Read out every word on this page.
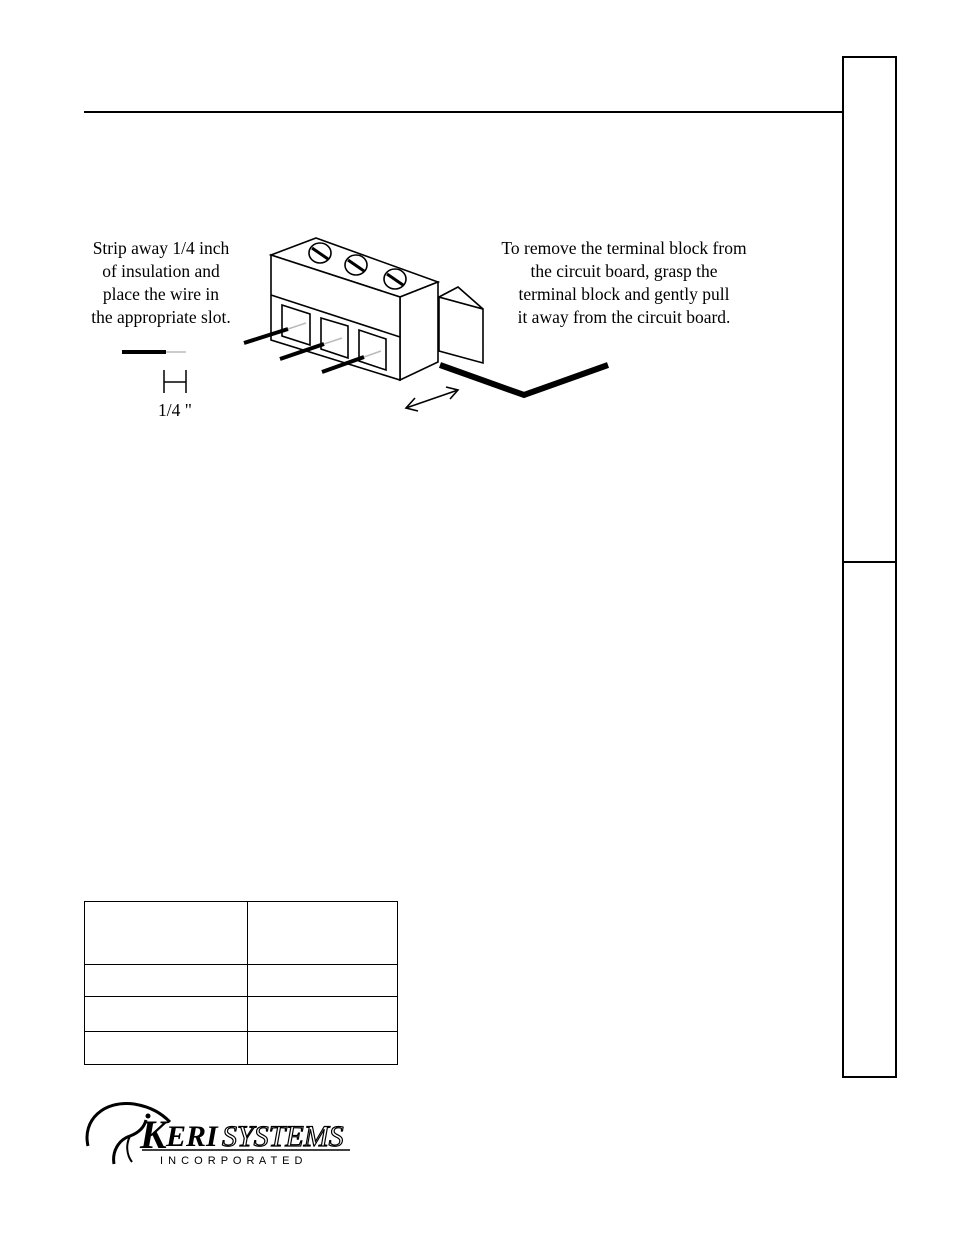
Strip away 1/4 inch
of insulation and
place the wire in
the appropriate slot.
To remove the terminal block from
the circuit board, grasp the
terminal block and gently pull
it away from the circuit board.
1/4 "

K ERI SYSTEMS
I N C O R P O R A T E D
